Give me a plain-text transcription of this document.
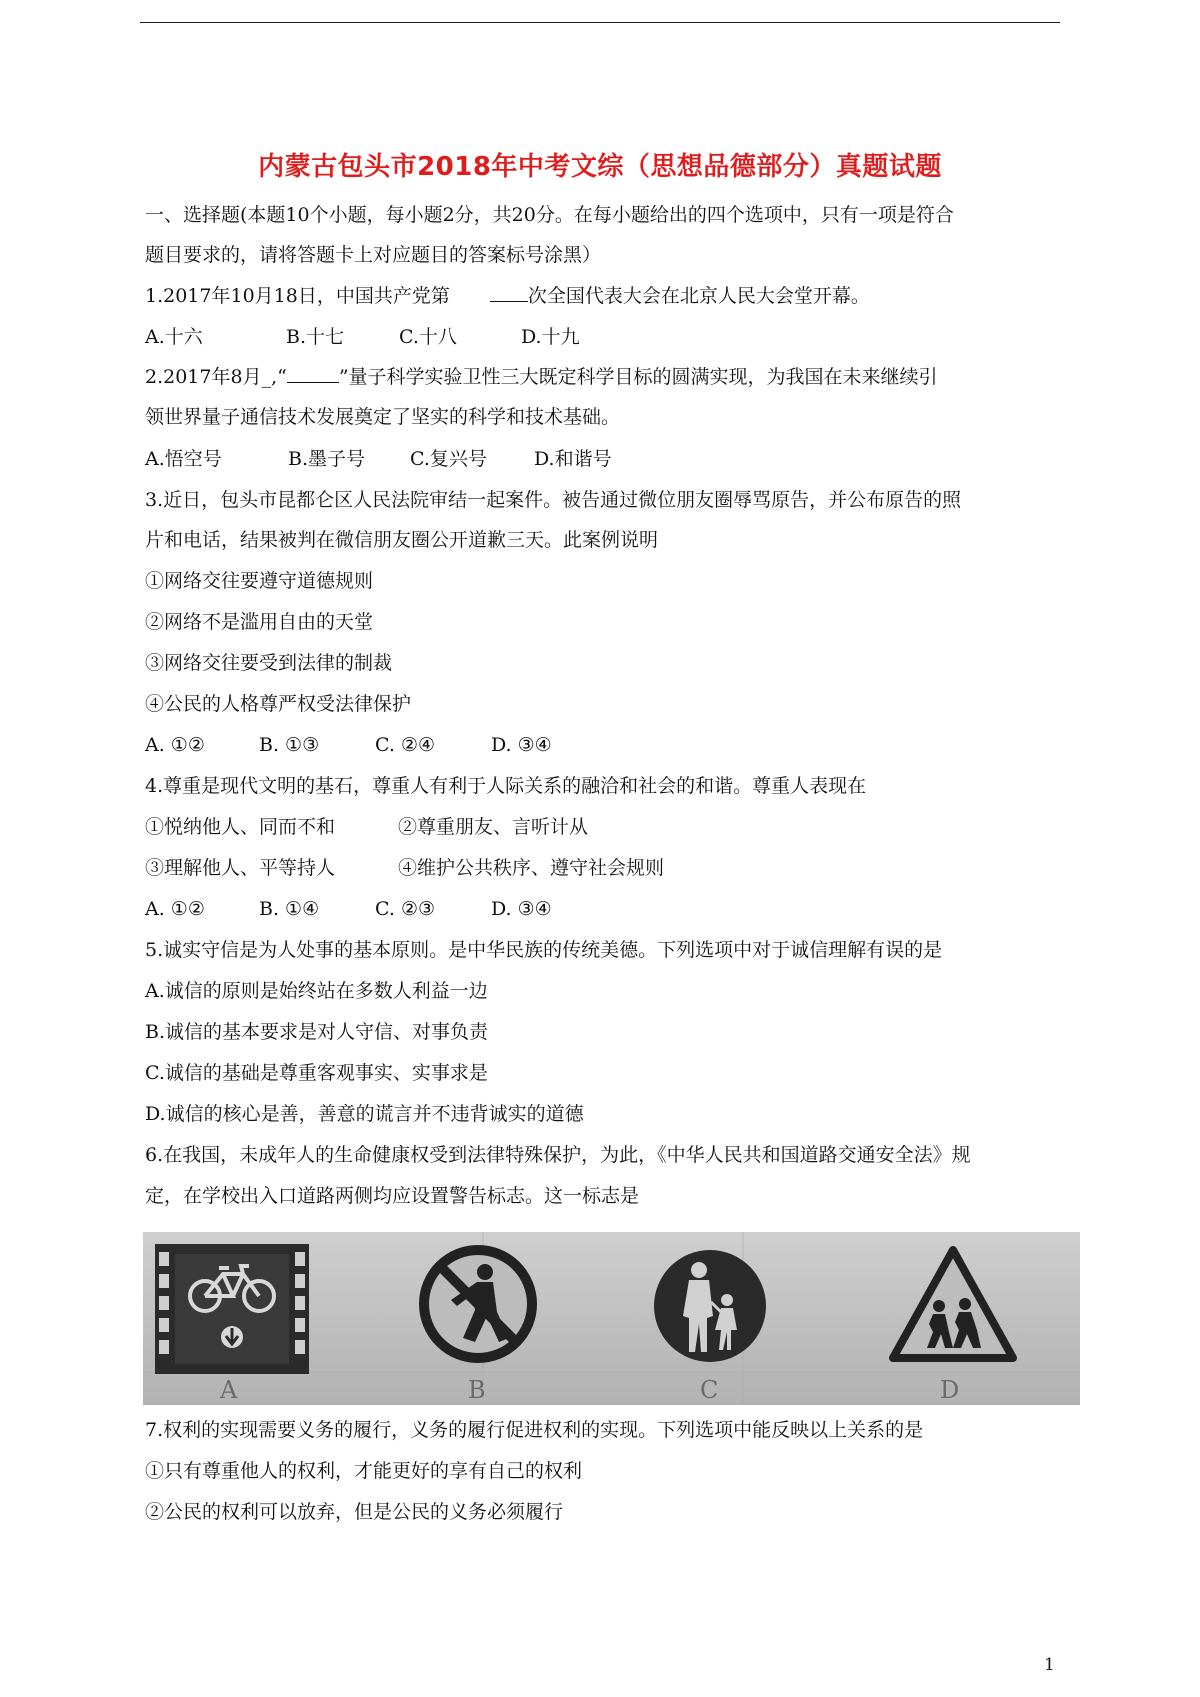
内蒙古包头市2018年中考文综（思想品德部分）真题试题
一、选择题(本题10个小题，每小题2分，共20分。在每小题给出的四个选项中，只有一项是符合
题目要求的，请将答题卡上对应题目的答案标号涂黑）
1.2017年10月18日，中国共产党第	次全国代表大会在北京人民大会堂开幕。
A.十六	B.十七	C.十八	D.十九
2.2017年8月_,“	”量子科学实验卫性三大既定科学目标的圆满实现，为我国在未来继续引
领世界量子通信技术发展奠定了坚实的科学和技术基础。
A.悟空号	B.墨子号 C.复兴号 D.和谐号
3.近日，包头市昆都仑区人民法院审结一起案件。被告通过微位朋友圈辱骂原告，并公布原告的照
片和电话，结果被判在微信朋友圈公开道歉三天。此案例说明
①网络交往要遵守道德规则
②网络不是滥用自由的天堂
③网络交往要受到法律的制裁
④公民的人格尊严权受法律保护
A. ①②	B. ①③	C. ②④	D. ③④
4.尊重是现代文明的基石，尊重人有利于人际关系的融洽和社会的和谐。尊重人表现在
①悦纳他人、同而不和	②尊重朋友、言听计从
③理解他人、平等持人	④维护公共秩序、遵守社会规则
A. ①②	B. ①④	C. ②③	D. ③④
5.诚实守信是为人处事的基本原则。是中华民族的传统美德。下列选项中对于诚信理解有误的是
A.诚信的原则是始终站在多数人利益一边
B.诚信的基本要求是对人守信、对事负责
C.诚信的基础是尊重客观事实、实事求是
D.诚信的核心是善，善意的谎言并不违背诚实的道德
6.在我国，未成年人的生命健康权受到法律特殊保护，为此，《中华人民共和国道路交通安全法》规
定，在学校出入口道路两侧均应设置警告标志。这一标志是
A	B	C	D
7.权利的实现需要义务的履行，义务的履行促进权利的实现。下列选项中能反映以上关系的是
①只有尊重他人的权利，才能更好的享有自己的权利
②公民的权利可以放弃，但是公民的义务必须履行
1
